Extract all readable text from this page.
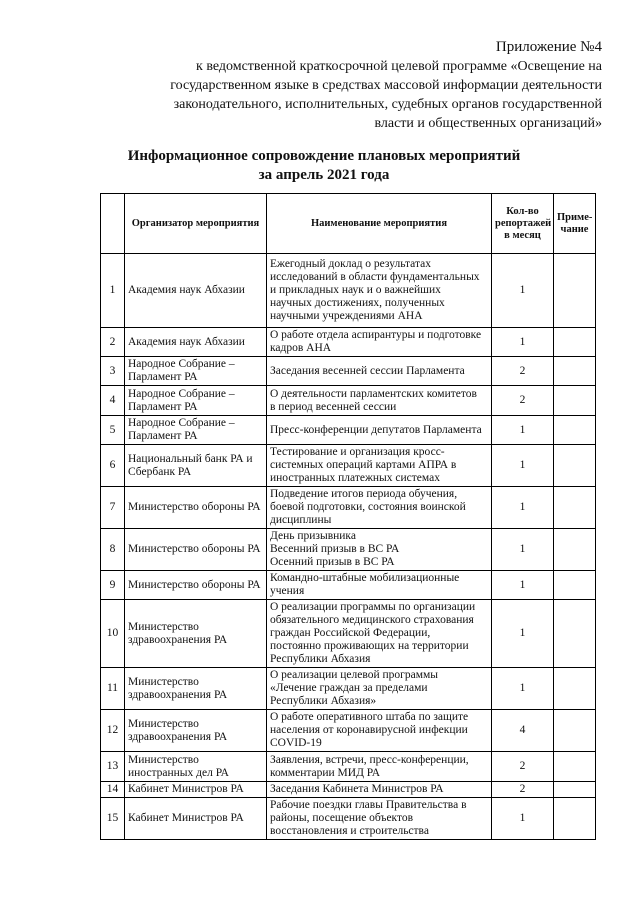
Приложение №4
к ведомственной краткосрочной целевой программе «Освещение на
государственном языке в средствах массовой информации деятельности
законодательного, исполнительных, судебных органов государственной
власти и общественных организаций»
Информационное сопровождение плановых мероприятий
за апрель 2021 года
	Организатор мероприятия	Наименование мероприятия	Кол-во репортажей в месяц	Приме-чание
1	Академия наук Абхазии	Ежегодный доклад о результатах
исследований в области фундаментальных
и прикладных наук и о важнейших
научных достижениях, полученных
научными учреждениями АНА	1	
2	Академия наук Абхазии	О работе отдела аспирантуры и подготовке
кадров АНА	1	
3	Народное Собрание – Парламент РА	Заседания весенней сессии Парламента	2	
4	Народное Собрание – Парламент РА	О деятельности парламентских комитетов
в период весенней сессии	2	
5	Народное Собрание – Парламент РА	Пресс-конференции депутатов Парламента	1	
6	Национальный банк РА и Сбербанк РА	Тестирование и организация кросс-
системных операций картами АПРА в
иностранных платежных системах	1	
7	Министерство обороны РА	Подведение итогов периода обучения,
боевой подготовки, состояния воинской
дисциплины	1	
8	Министерство обороны РА	День призывника
Весенний призыв в ВС РА
Осенний призыв в ВС РА	1	
9	Министерство обороны РА	Командно-штабные мобилизационные
учения	1	
10	Министерство здравоохранения РА	О реализации программы по организации
обязательного медицинского страхования
граждан Российской Федерации,
постоянно проживающих на территории
Республики Абхазия	1	
11	Министерство здравоохранения РА	О реализации целевой программы
«Лечение граждан за пределами
Республики Абхазия»	1	
12	Министерство здравоохранения РА	О работе оперативного штаба по защите
населения от коронавирусной инфекции
COVID-19	4	
13	Министерство иностранных дел РА	Заявления, встречи, пресс-конференции,
комментарии МИД РА	2	
14	Кабинет Министров РА	Заседания Кабинета Министров РА	2	
15	Кабинет Министров РА	Рабочие поездки главы Правительства в
районы, посещение объектов
восстановления и строительства	1	
